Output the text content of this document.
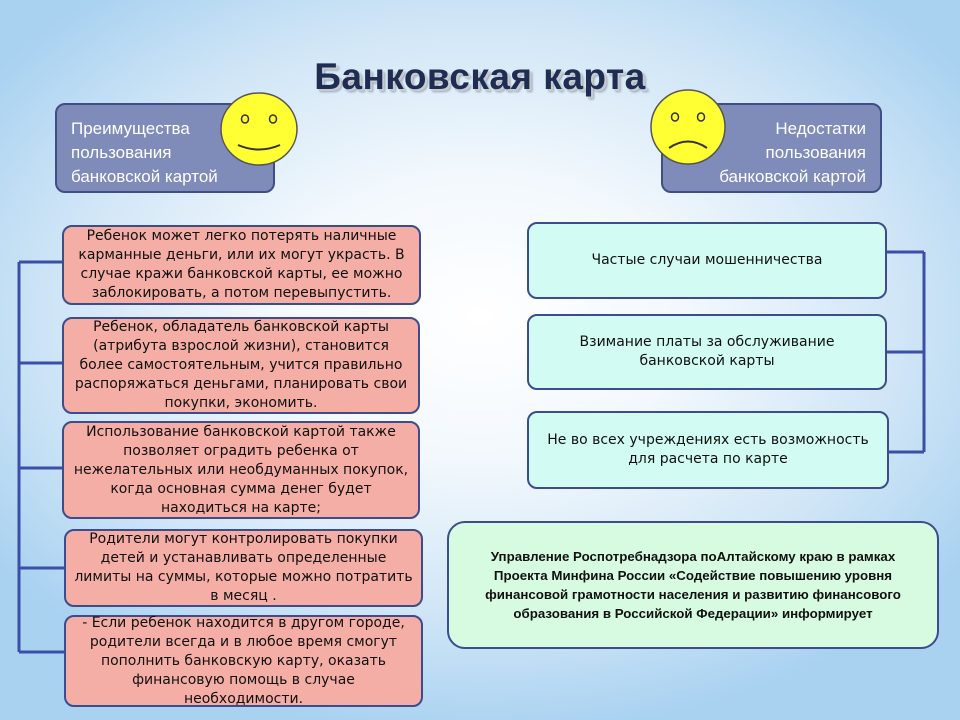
Банковская карта
Преимущества
пользования
банковской картой
Недостатки
пользования
банковской картой
Ребенок может легко потерять наличные карманные деньги, или их могут украсть. В случае кражи банковской карты, ее можно заблокировать, а потом перевыпустить.
Ребенок, обладатель банковской карты (атрибута взрослой жизни), становится более самостоятельным, учится правильно распоряжаться деньгами, планировать свои покупки, экономить.
Использование банковской картой также позволяет оградить ребенка от нежелательных или необдуманных покупок, когда основная сумма денег будет находиться на карте;
Родители могут контролировать покупки детей и устанавливать определенные лимиты на суммы, которые можно потратить в месяц .
- Если ребенок находится в другом городе, родители всегда и в любое время смогут пополнить банковскую карту, оказать финансовую помощь в случае необходимости.
Частые случаи мошенничества
Взимание платы за обслуживание банковской карты
Не во всех учреждениях есть возможность для расчета по карте
Управление Роспотребнадзора поАлтайскому краю в рамках Проекта Минфина России «Содействие повышению уровня финансовой грамотности населения и развитию финансового образования в Российской Федерации» информирует
